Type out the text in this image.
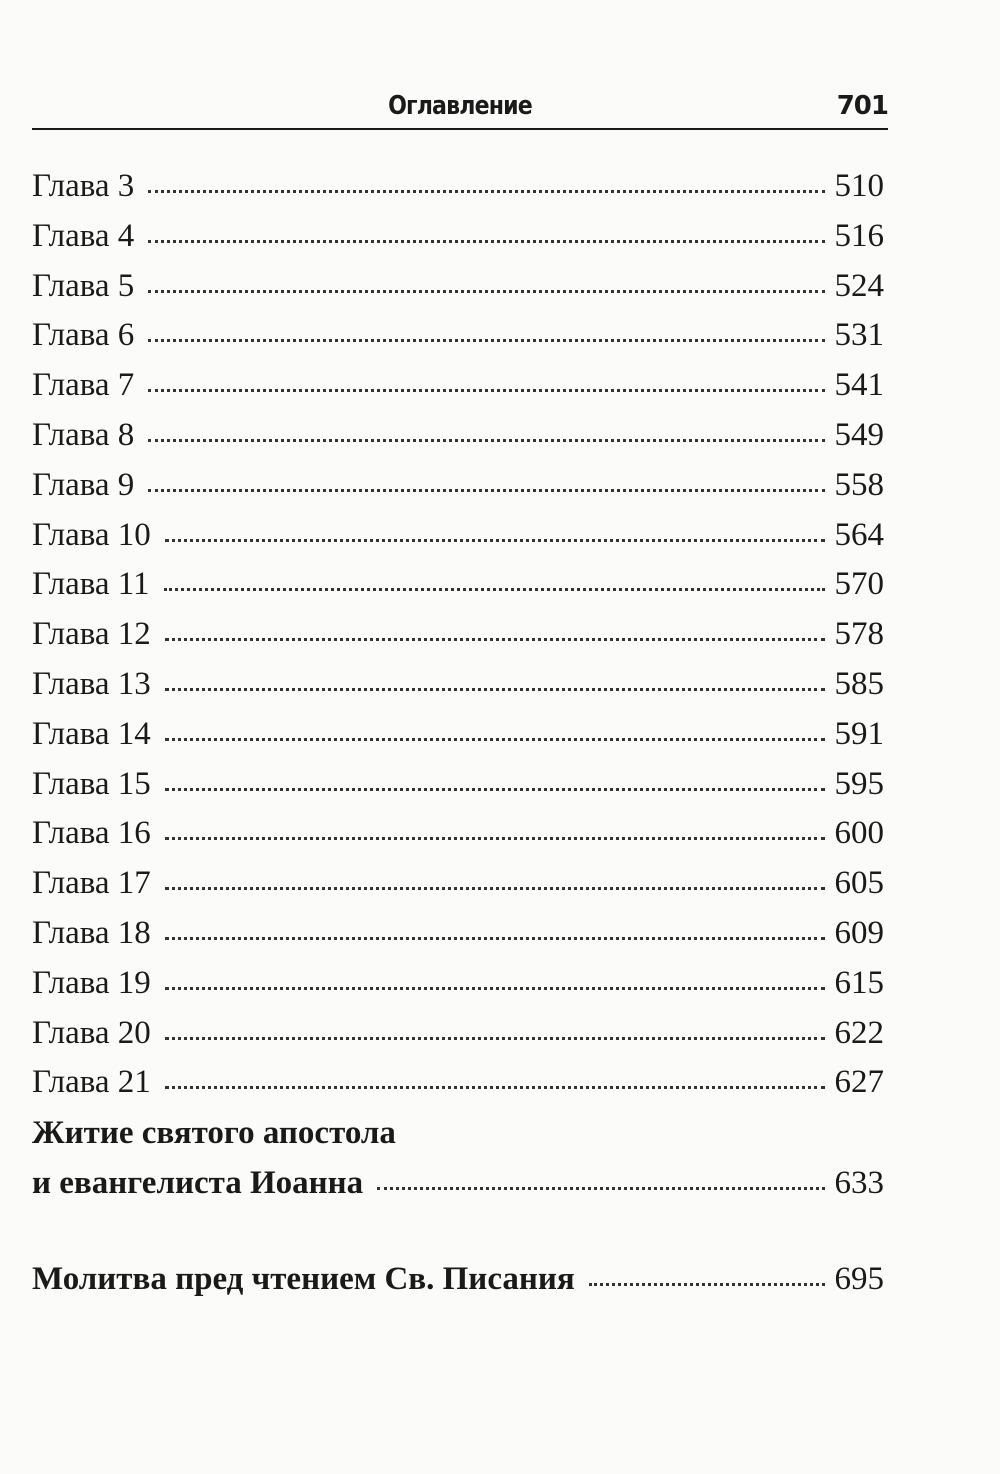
Оглавление	701
Глава 3	510
Глава 4	516
Глава 5	524
Глава 6	531
Глава 7	541
Глава 8	549
Глава 9	558
Глава 10	564
Глава 11	570
Глава 12	578
Глава 13	585
Глава 14	591
Глава 15	595
Глава 16	600
Глава 17	605
Глава 18	609
Глава 19	615
Глава 20	622
Глава 21	627
Житие святого апостола
и евангелиста Иоанна	633
Молитва пред чтением Св. Писания	695
